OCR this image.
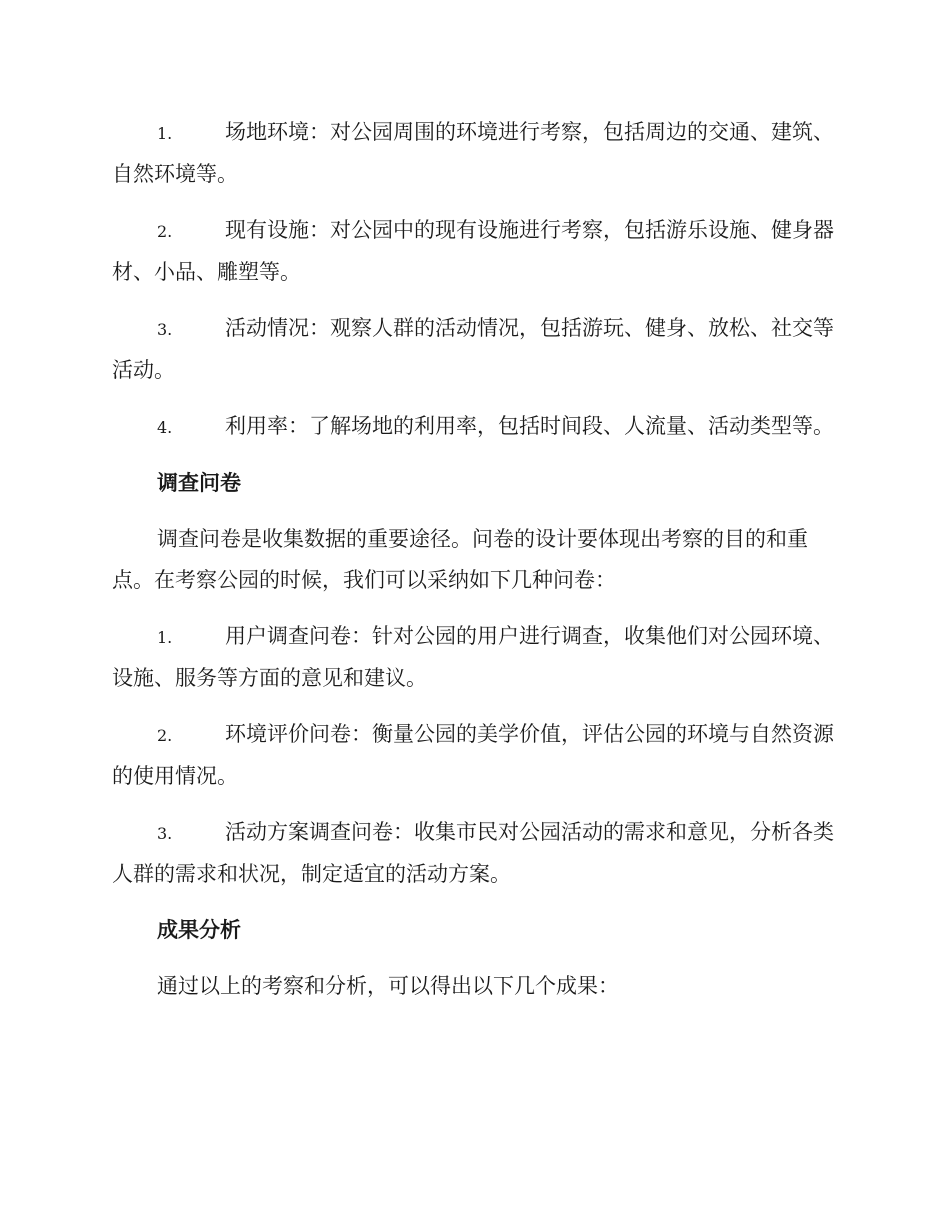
1.	场地环境：对公园周围的环境进行考察，包括周边的交通、建筑、自然环境等。

2.	现有设施：对公园中的现有设施进行考察，包括游乐设施、健身器材、小品、雕塑等。

3.	活动情况：观察人群的活动情况，包括游玩、健身、放松、社交等活动。

4.	利用率：了解场地的利用率，包括时间段、人流量、活动类型等。

调查问卷

调查问卷是收集数据的重要途径。问卷的设计要体现出考察的目的和重点。在考察公园的时候，我们可以采纳如下几种问卷：

1.	用户调查问卷：针对公园的用户进行调查，收集他们对公园环境、设施、服务等方面的意见和建议。

2.	环境评价问卷：衡量公园的美学价值，评估公园的环境与自然资源的使用情况。

3.	活动方案调查问卷：收集市民对公园活动的需求和意见，分析各类人群的需求和状况，制定适宜的活动方案。

成果分析

通过以上的考察和分析，可以得出以下几个成果：
